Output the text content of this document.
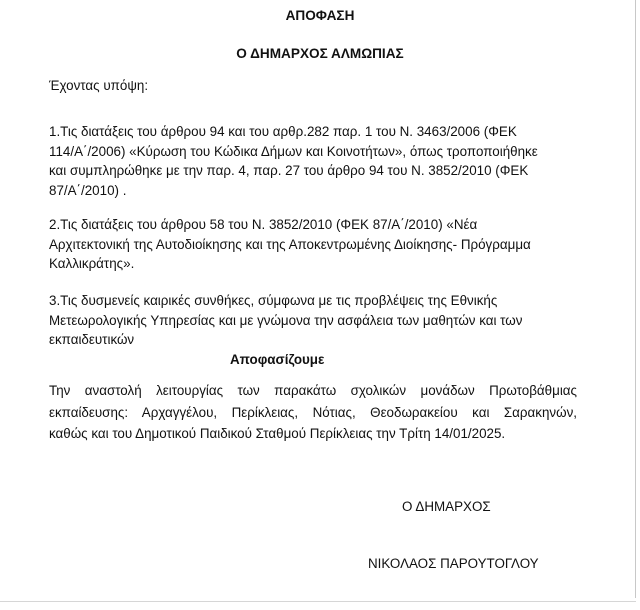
ΑΠΟΦΑΣΗ
Ο ΔΗΜΑΡΧΟΣ ΑΛΜΩΠΙΑΣ
Έχοντας υπόψη:
1.Τις διατάξεις του άρθρου 94 και του αρθρ.282 παρ. 1 του Ν. 3463/2006 (ΦΕΚ
114/Α΄/2006) «Κύρωση του Κώδικα Δήμων και Κοινοτήτων», όπως τροποποιήθηκε
και συμπληρώθηκε με την παρ. 4, παρ. 27 του άρθρο 94 του Ν. 3852/2010 (ΦΕΚ
87/Α΄/2010) .
2.Τις διατάξεις του άρθρου 58 του Ν. 3852/2010 (ΦΕΚ 87/Α΄/2010) «Νέα
Αρχιτεκτονική της Αυτοδιοίκησης και της Αποκεντρωμένης Διοίκησης- Πρόγραμμα
Καλλικράτης».
3.Τις δυσμενείς καιρικές συνθήκες, σύμφωνα με τις προβλέψεις της Εθνικής
Μετεωρολογικής Υπηρεσίας και με γνώμονα την ασφάλεια των μαθητών και των
εκπαιδευτικών
Αποφασίζουμε
Την αναστολή λειτουργίας των παρακάτω σχολικών μονάδων Πρωτοβάθμιας
εκπαίδευσης: Αρχαγγέλου, Περίκλειας, Νότιας, Θεοδωρακείου και Σαρακηνών,
καθώς και του Δημοτικού Παιδικού Σταθμού Περίκλειας την Τρίτη 14/01/2025.
Ο ΔΗΜΑΡΧΟΣ
ΝΙΚΟΛΑΟΣ ΠΑΡΟΥΤΟΓΛΟΥ
